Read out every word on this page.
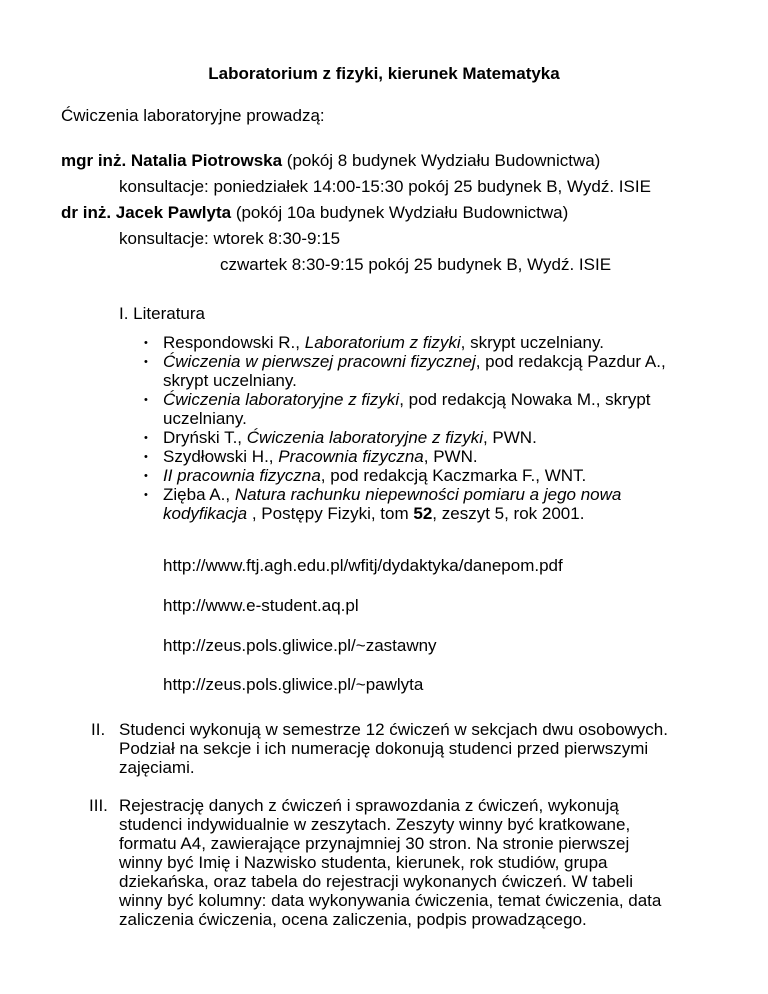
Laboratorium z fizyki, kierunek Matematyka
Ćwiczenia laboratoryjne prowadzą:
mgr inż. Natalia Piotrowska (pokój 8 budynek Wydziału Budownictwa)
konsultacje: poniedziałek 14:00-15:30 pokój 25 budynek B, Wydź. ISIE
dr inż. Jacek Pawlyta (pokój 10a budynek Wydziału Budownictwa)
konsultacje: wtorek 8:30-9:15
czwartek 8:30-9:15 pokój 25 budynek B, Wydź. ISIE
I. Literatura
• Respondowski R., Laboratorium z fizyki, skrypt uczelniany.
• Ćwiczenia w pierwszej pracowni fizycznej, pod redakcją Pazdur A.,
skrypt uczelniany.
• Ćwiczenia laboratoryjne z fizyki, pod redakcją Nowaka M., skrypt
uczelniany.
• Dryński T., Ćwiczenia laboratoryjne z fizyki, PWN.
• Szydłowski H., Pracownia fizyczna, PWN.
• II pracownia fizyczna, pod redakcją Kaczmarka F., WNT.
• Zięba A., Natura rachunku niepewności pomiaru a jego nowa
kodyfikacja , Postępy Fizyki, tom 52, zeszyt 5, rok 2001.
http://www.ftj.agh.edu.pl/wfitj/dydaktyka/danepom.pdf
http://www.e-student.aq.pl
http://zeus.pols.gliwice.pl/~zastawny
http://zeus.pols.gliwice.pl/~pawlyta
II. Studenci wykonują w semestrze 12 ćwiczeń w sekcjach dwu osobowych.
Podział na sekcje i ich numerację dokonują studenci przed pierwszymi
zajęciami.
III. Rejestrację danych z ćwiczeń i sprawozdania z ćwiczeń, wykonują
studenci indywidualnie w zeszytach. Zeszyty winny być kratkowane,
formatu A4, zawierające przynajmniej 30 stron. Na stronie pierwszej
winny być Imię i Nazwisko studenta, kierunek, rok studiów, grupa
dziekańska, oraz tabela do rejestracji wykonanych ćwiczeń. W tabeli
winny być kolumny: data wykonywania ćwiczenia, temat ćwiczenia, data
zaliczenia ćwiczenia, ocena zaliczenia, podpis prowadzącego.
